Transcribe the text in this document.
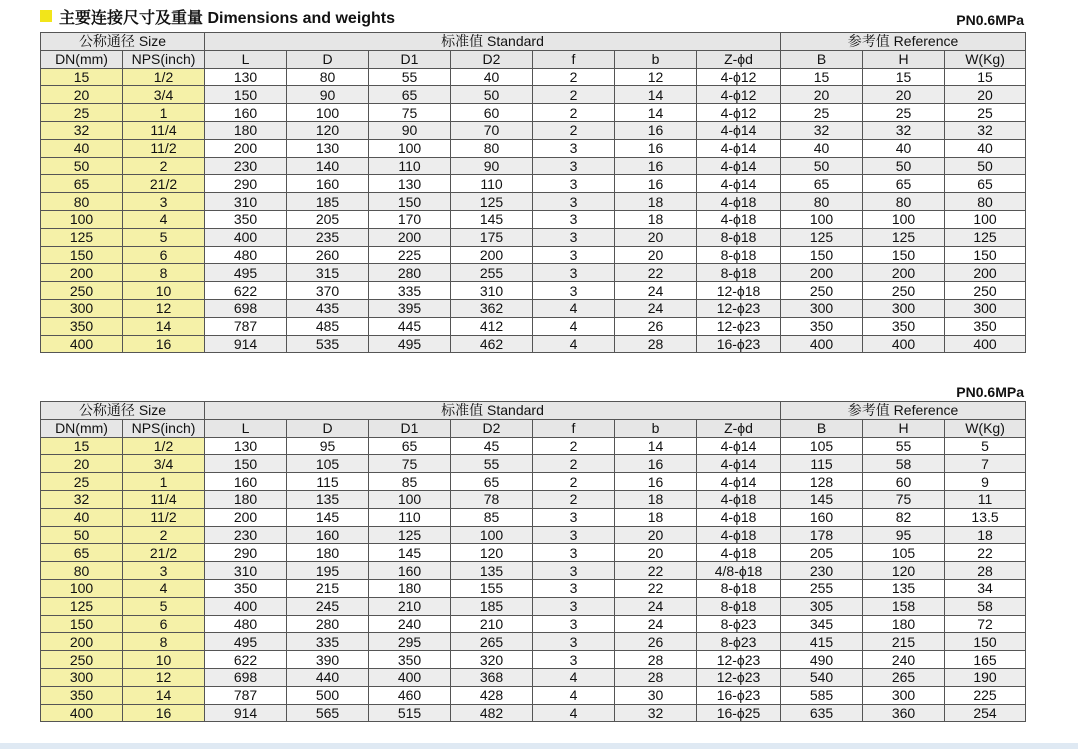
主要连接尺寸及重量 Dimensions and weights	PN0.6MPa
公称通径 Size		标准值 Standard							参考值 Reference		
DN(mm)	NPS(inch)	L	D	D1	D2	f	b	Z-ϕd	B	H	W(Kg)
15	1/2	130	80	55	40	2	12	4-ϕ12	15	15	15
20	3/4	150	90	65	50	2	14	4-ϕ12	20	20	20
25	1	160	100	75	60	2	14	4-ϕ12	25	25	25
32	11/4	180	120	90	70	2	16	4-ϕ14	32	32	32
40	11/2	200	130	100	80	3	16	4-ϕ14	40	40	40
50	2	230	140	110	90	3	16	4-ϕ14	50	50	50
65	21/2	290	160	130	110	3	16	4-ϕ14	65	65	65
80	3	310	185	150	125	3	18	4-ϕ18	80	80	80
100	4	350	205	170	145	3	18	4-ϕ18	100	100	100
125	5	400	235	200	175	3	20	8-ϕ18	125	125	125
150	6	480	260	225	200	3	20	8-ϕ18	150	150	150
200	8	495	315	280	255	3	22	8-ϕ18	200	200	200
250	10	622	370	335	310	3	24	12-ϕ18	250	250	250
300	12	698	435	395	362	4	24	12-ϕ23	300	300	300
350	14	787	485	445	412	4	26	12-ϕ23	350	350	350
400	16	914	535	495	462	4	28	16-ϕ23	400	400	400
PN0.6MPa
公称通径 Size		标准值 Standard							参考值 Reference		
DN(mm)	NPS(inch)	L	D	D1	D2	f	b	Z-ϕd	B	H	W(Kg)
15	1/2	130	95	65	45	2	14	4-ϕ14	105	55	5
20	3/4	150	105	75	55	2	16	4-ϕ14	115	58	7
25	1	160	115	85	65	2	16	4-ϕ14	128	60	9
32	11/4	180	135	100	78	2	18	4-ϕ18	145	75	11
40	11/2	200	145	110	85	3	18	4-ϕ18	160	82	13.5
50	2	230	160	125	100	3	20	4-ϕ18	178	95	18
65	21/2	290	180	145	120	3	20	4-ϕ18	205	105	22
80	3	310	195	160	135	3	22	4/8-ϕ18	230	120	28
100	4	350	215	180	155	3	22	8-ϕ18	255	135	34
125	5	400	245	210	185	3	24	8-ϕ18	305	158	58
150	6	480	280	240	210	3	24	8-ϕ23	345	180	72
200	8	495	335	295	265	3	26	8-ϕ23	415	215	150
250	10	622	390	350	320	3	28	12-ϕ23	490	240	165
300	12	698	440	400	368	4	28	12-ϕ23	540	265	190
350	14	787	500	460	428	4	30	16-ϕ23	585	300	225
400	16	914	565	515	482	4	32	16-ϕ25	635	360	254
